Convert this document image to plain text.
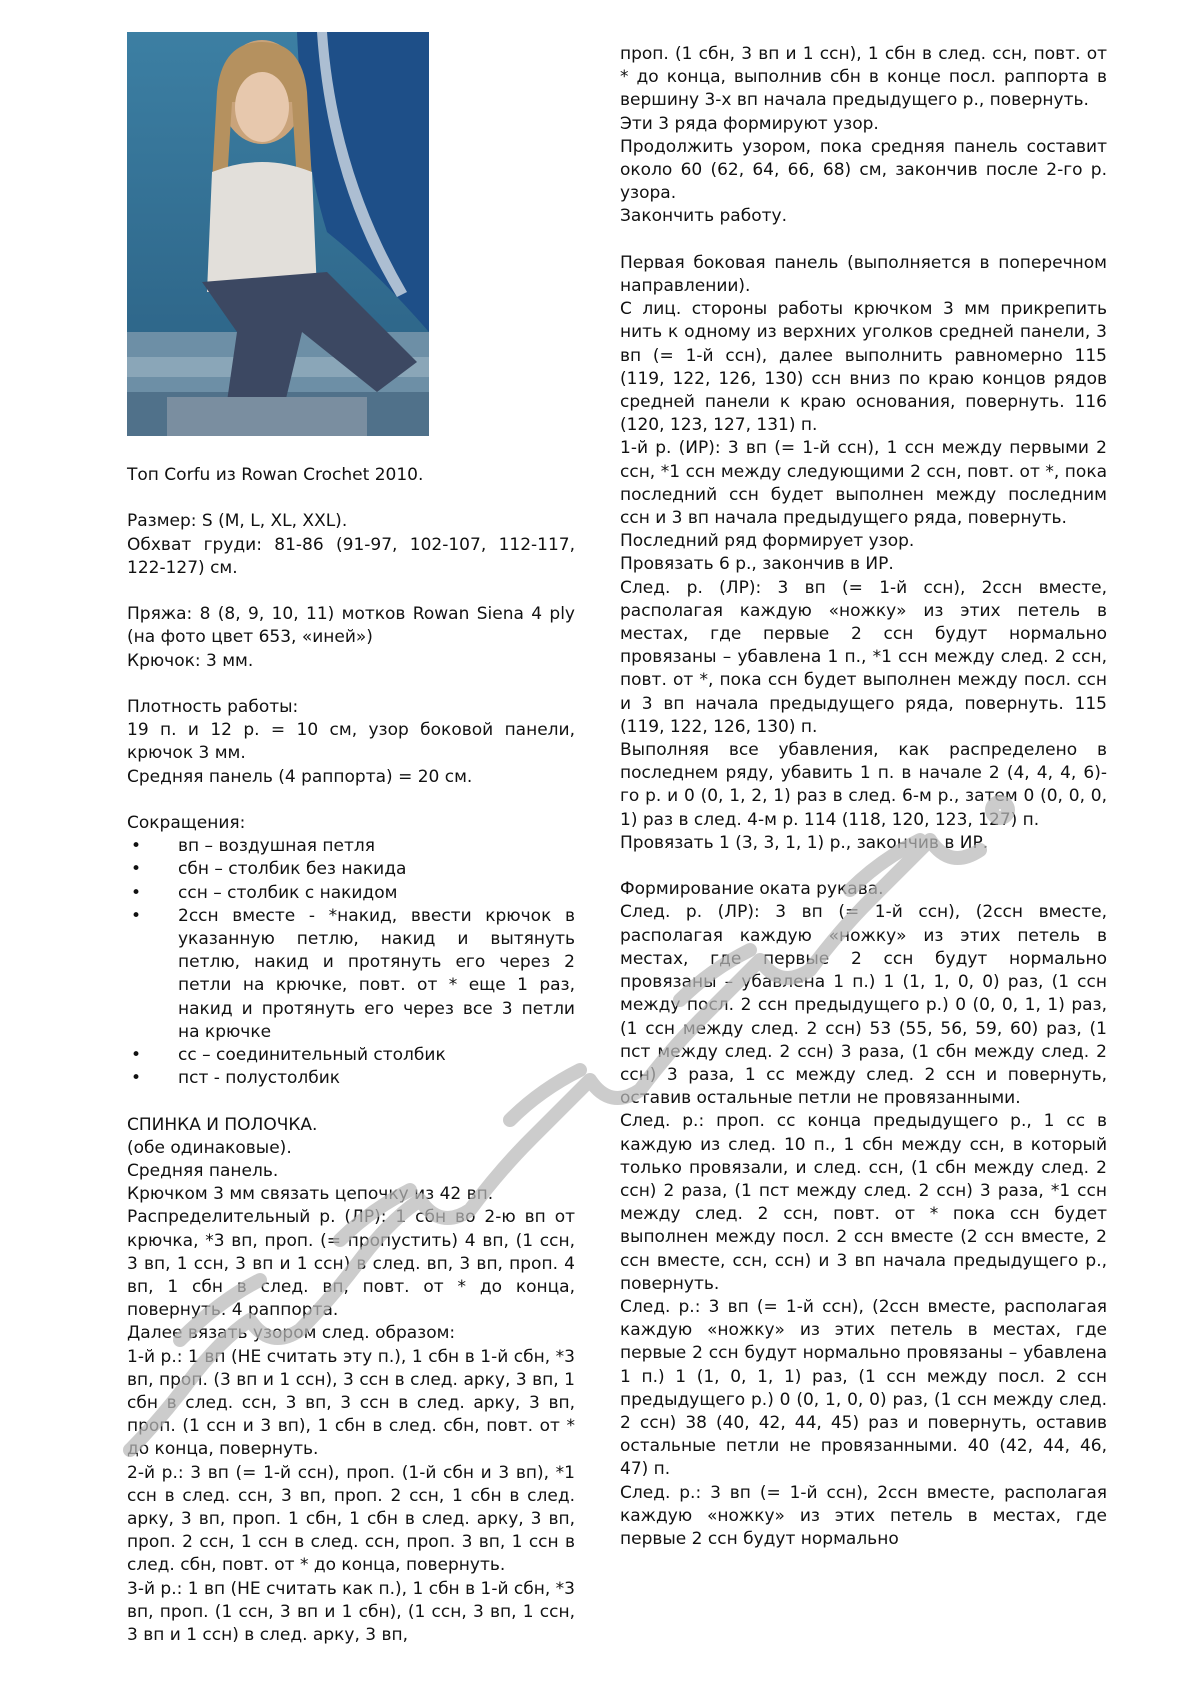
Топ Corfu из Rowan Crochet 2010.
Размер: S (M, L, XL, XXL).
Обхват груди: 81-86 (91-97, 102-107, 112-117, 122-127) см.
Пряжа: 8 (8, 9, 10, 11) мотков Rowan Siena 4 ply (на фото цвет 653, «иней»)
Крючок: 3 мм.
Плотность работы:
19 п. и 12 р. = 10 см, узор боковой панели, крючок 3 мм.
Средняя панель (4 раппорта) = 20 см.
Сокращения:
•	вп – воздушная петля
•	сбн – столбик без накида
•	ссн – столбик с накидом
•	2ссн вместе - *накид, ввести крючок в указанную петлю, накид и вытянуть петлю, накид и протянуть его через 2 петли на крючке, повт. от * еще 1 раз, накид и протянуть его через все 3 петли на крючке
•	сс – соединительный столбик
•	пст - полустолбик
СПИНКА И ПОЛОЧКА.
(обе одинаковые).
Средняя панель.
Крючком 3 мм связать цепочку из 42 вп.
Распределительный р. (ЛР): 1 сбн во 2-ю вп от крючка, *3 вп, проп. (= пропустить) 4 вп, (1 ссн, 3 вп, 1 ссн, 3 вп и 1 ссн) в след. вп, 3 вп, проп. 4 вп, 1 сбн в след. вп, повт. от * до конца, повернуть. 4 раппорта.
Далее вязать узором след. образом:
1-й р.: 1 вп (НЕ считать эту п.), 1 сбн в 1-й сбн, *3 вп, проп. (3 вп и 1 ссн), 3 ссн в след. арку, 3 вп, 1 сбн в след. ссн, 3 вп, 3 ссн в след. арку, 3 вп, проп. (1 ссн и 3 вп), 1 сбн в след. сбн, повт. от * до конца, повернуть.
2-й р.: 3 вп (= 1-й ссн), проп. (1-й сбн и 3 вп), *1 ссн в след. ссн, 3 вп, проп. 2 ссн, 1 сбн в след. арку, 3 вп, проп. 1 сбн, 1 сбн в след. арку, 3 вп, проп. 2 ссн, 1 ссн в след. ссн, проп. 3 вп, 1 ссн в след. сбн, повт. от * до конца, повернуть.
3-й р.: 1 вп (НЕ считать как п.), 1 сбн в 1-й сбн, *3 вп, проп. (1 ссн, 3 вп и 1 сбн), (1 ссн, 3 вп, 1 ссн, 3 вп и 1 ссн) в след. арку, 3 вп,
проп. (1 сбн, 3 вп и 1 ссн), 1 сбн в след. ссн, повт. от * до конца, выполнив сбн в конце посл. раппорта в вершину 3-х вп начала предыдущего р., повернуть.
Эти 3 ряда формируют узор.
Продолжить узором, пока средняя панель составит около 60 (62, 64, 66, 68) см, закончив после 2-го р. узора.
Закончить работу.
Первая боковая панель (выполняется в поперечном направлении).
С лиц. стороны работы крючком 3 мм прикрепить нить к одному из верхних уголков средней панели, 3 вп (= 1-й ссн), далее выполнить равномерно 115 (119, 122, 126, 130) ссн вниз по краю концов рядов средней панели к краю основания, повернуть. 116 (120, 123, 127, 131) п.
1-й р. (ИР): 3 вп (= 1-й ссн), 1 ссн между первыми 2 ссн, *1 ссн между следующими 2 ссн, повт. от *, пока последний ссн будет выполнен между последним ссн и 3 вп начала предыдущего ряда, повернуть.
Последний ряд формирует узор.
Провязать 6 р., закончив в ИР.
След. р. (ЛР): 3 вп (= 1-й ссн), 2ссн вместе, располагая каждую «ножку» из этих петель в местах, где первые 2 ссн будут нормально провязаны – убавлена 1 п., *1 ссн между след. 2 ссн, повт. от *, пока ссн будет выполнен между посл. ссн и 3 вп начала предыдущего ряда, повернуть. 115 (119, 122, 126, 130) п.
Выполняя все убавления, как распределено в последнем ряду, убавить 1 п. в начале 2 (4, 4, 4, 6)-го р. и 0 (0, 1, 2, 1) раз в след. 6-м р., затем 0 (0, 0, 0, 1) раз в след. 4-м р. 114 (118, 120, 123, 127) п.
Провязать 1 (3, 3, 1, 1) р., закончив в ИР.
Формирование оката рукава.
След. р. (ЛР): 3 вп (= 1-й ссн), (2ссн вместе, располагая каждую «ножку» из этих петель в местах, где первые 2 ссн будут нормально провязаны – убавлена 1 п.) 1 (1, 1, 0, 0) раз, (1 ссн между посл. 2 ссн предыдущего р.) 0 (0, 0, 1, 1) раз, (1 ссн между след. 2 ссн) 53 (55, 56, 59, 60) раз, (1 пст между след. 2 ссн) 3 раза, (1 сбн между след. 2 ссн) 3 раза, 1 сс между след. 2 ссн и повернуть, оставив остальные петли не провязанными.
След. р.: проп. сс конца предыдущего р., 1 сс в каждую из след. 10 п., 1 сбн между ссн, в который только провязали, и след. ссн, (1 сбн между след. 2 ссн) 2 раза, (1 пст между след. 2 ссн) 3 раза, *1 ссн между след. 2 ссн, повт. от * пока ссн будет выполнен между посл. 2 ссн вместе (2 ссн вместе, 2 ссн вместе, ссн, ссн) и 3 вп начала предыдущего р., повернуть.
След. р.: 3 вп (= 1-й ссн), (2ссн вместе, располагая каждую «ножку» из этих петель в местах, где первые 2 ссн будут нормально провязаны – убавлена 1 п.) 1 (1, 0, 1, 1) раз, (1 ссн между посл. 2 ссн предыдущего р.) 0 (0, 1, 0, 0) раз, (1 ссн между след. 2 ссн) 38 (40, 42, 44, 45) раз и повернуть, оставив остальные петли не провязанными. 40 (42, 44, 46, 47) п.
След. р.: 3 вп (= 1-й ссн), 2ссн вместе, располагая каждую «ножку» из этих петель в местах, где первые 2 ссн будут нормально
